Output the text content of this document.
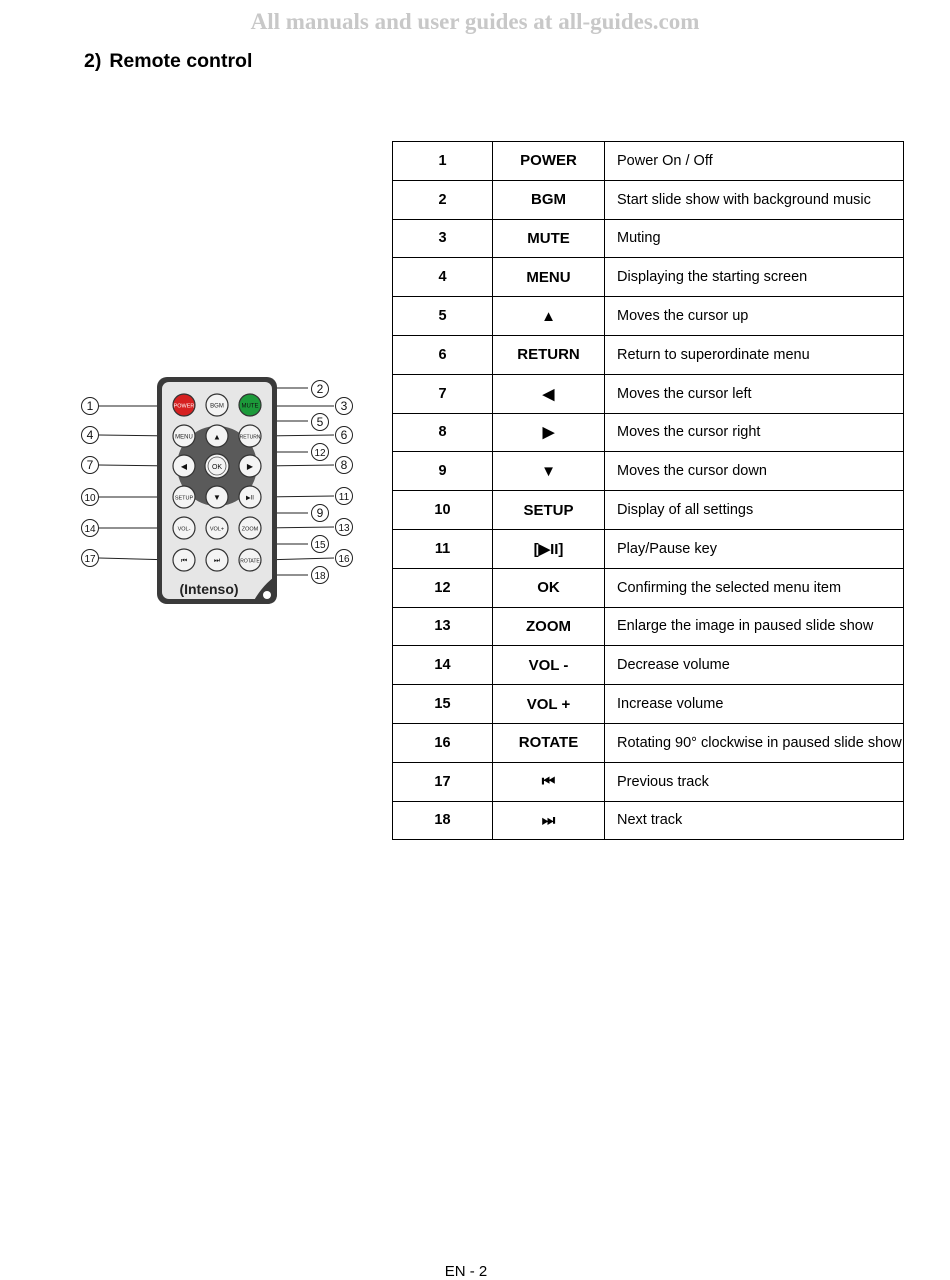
All manuals and user guides at all-guides.com
2) Remote control
POWER	BGM	MUTE
MENU	▲	RETURN
◀	OK	▶
SETUP ▼	▶II
VOL-	VOL+	ZOOM
⏮	⏭	ROTATE
(Intenso)
1
2
3
4
5
6
7	8
9
10	11
12
13
14
15
16
17
18
1	POWER	Power On / Off
2	BGM	Start slide show with background music
3	MUTE	Muting
4	MENU	Displaying the starting screen
5	▲	Moves the cursor up
6	RETURN	Return to superordinate menu
7	◀	Moves the cursor left
8	▶	Moves the cursor right
9	▼	Moves the cursor down
10	SETUP	Display of all settings
11	[▶II]	Play/Pause key
12	OK	Confirming the selected menu item
13	ZOOM	Enlarge the image in paused slide show
14	VOL -	Decrease volume
15	VOL +	Increase volume
16	ROTATE	Rotating 90° clockwise in paused slide show
17	⏮	Previous track
18	⏭	Next track
EN - 2
